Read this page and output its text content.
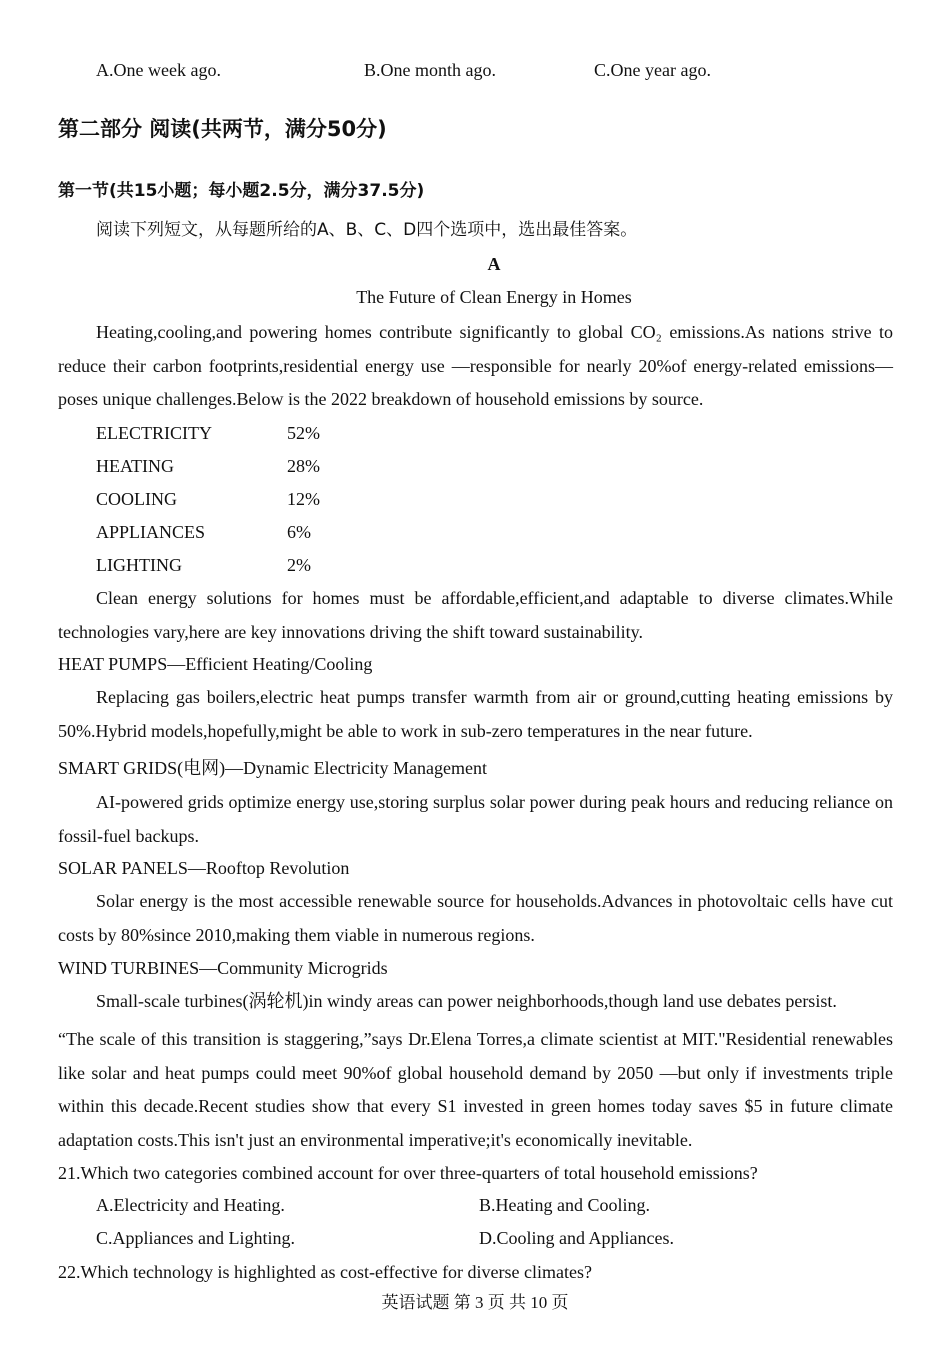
A.One week ago.	B.One month ago.	C.One year ago.
第二部分 阅读(共两节，满分50分)
第一节(共15小题；每小题2.5分，满分37.5分)
阅读下列短文，从每题所给的A、B、C、D四个选项中，选出最佳答案。
A
The Future of Clean Energy in Homes
Heating,cooling,and powering homes contribute significantly to global CO₂ emissions.As nations strive to reduce their carbon footprints,residential energy use —responsible for nearly 20%of energy-related emissions—poses unique challenges.Below is the 2022 breakdown of household emissions by source.
ELECTRICITY	52%
HEATING	28%
COOLING	12%
APPLIANCES	6%
LIGHTING	2%
Clean energy solutions for homes must be affordable,efficient,and adaptable to diverse climates.While technologies vary,here are key innovations driving the shift toward sustainability.
HEAT PUMPS—Efficient Heating/Cooling
Replacing gas boilers,electric heat pumps transfer warmth from air or ground,cutting heating emissions by 50%.Hybrid models,hopefully,might be able to work in sub-zero temperatures in the near future.
SMART GRIDS(电网)—Dynamic Electricity Management
AI-powered grids optimize energy use,storing surplus solar power during peak hours and reducing reliance on fossil-fuel backups.
SOLAR PANELS—Rooftop Revolution
Solar energy is the most accessible renewable source for households.Advances in photovoltaic cells have cut costs by 80%since 2010,making them viable in numerous regions.
WIND TURBINES—Community Microgrids
Small-scale turbines(涡轮机)in windy areas can power neighborhoods,though land use debates persist.
“The scale of this transition is staggering,”says Dr.Elena Torres,a climate scientist at MIT."Residential renewables like solar and heat pumps could meet 90%of global household demand by 2050 —but only if investments triple within this decade.Recent studies show that every S1 invested in green homes today saves $5 in future climate adaptation costs.This isn't just an environmental imperative;it's economically inevitable.
21.Which two categories combined account for over three-quarters of total household emissions?
A.Electricity and Heating.	B.Heating and Cooling.
C.Appliances and Lighting.	D.Cooling and Appliances.
22.Which technology is highlighted as cost-effective for diverse climates?
英语试题 第 3 页 共 10 页
